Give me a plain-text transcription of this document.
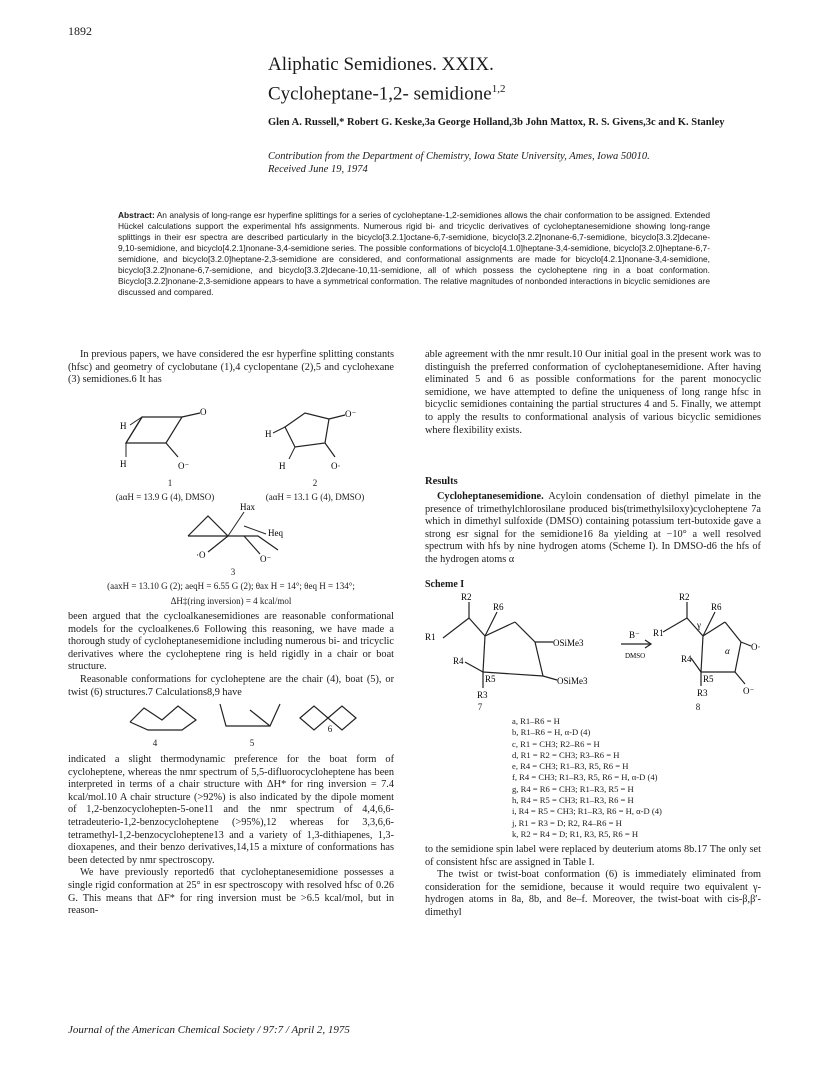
1892
Aliphatic Semidiones. XXIX.
Cycloheptane-1,2- semidione$^{1,2}$
Glen A. Russell,* Robert G. Keske,3a George Holland,3b John Mattox, R. S. Givens,3c and K. Stanley
Contribution from the Department of Chemistry, Iowa State University, Ames, Iowa 50010.
Received June 19, 1974
Abstract: An analysis of long-range esr hyperfine splittings for a series of cycloheptane-1,2-semidiones allows the chair conformation to be assigned. Extended Hückel calculations support the experimental hfs assignments. Numerous rigid bi- and tricyclic derivatives of cycloheptanesemidione showing long-range splittings in their esr spectra are described particularly in the bicyclo[3.2.1]octane-6,7-semidione, bicyclo[3.2.2]nonane-6,7-semidione, bicyclo[3.3.2]decane-9,10-semidione, and bicyclo[4.2.1]nonane-3,4-semidione series. The possible conformations of bicyclo[4.1.0]heptane-3,4-semidione, bicyclo[3.2.0]heptane-6,7-semidione, and bicyclo[3.2.0]heptane-2,3-semidione are considered, and conformational assignments are made for bicyclo[4.2.1]nonane-3,4-semidione, bicyclo[3.2.2]nonane-6,7-semidione, and bicyclo[3.3.2]decane-10,11-semidione, all of which possess the cycloheptene ring in a boat conformation. Bicyclo[3.2.2]nonane-2,3-semidione appears to have a symmetrical conformation. The relative magnitudes of nonbonded interactions in bicyclic semidiones are discussed and compared.

In previous papers, we have considered the esr hyperfine splitting constants (hfsc) and geometry of cyclobutane (1),4 cyclopentane (2),5 and cyclohexane (3) semidiones.6 It has

H
H
O
O⁻
1
(aαH = 13.9 G (4), DMSO)
H
H
O⁻
O·
2
(aαH = 13.1 G (4), DMSO)
Hax
Heq
·O	O⁻
3
(aaxH = 13.10 G (2); aeqH = 6.55 G (2); θax H = 14°; θeq H = 134°;
ΔH‡(ring inversion) = 4 kcal/mol

been argued that the cycloalkanesemidiones are reasonable conformational models for the cycloalkenes.6 Following this reasoning, we have made a thorough study of cycloheptanesemidione including numerous bi- and tricyclic derivatives where the cycloheptene ring is held rigidly in a chair or boat structure.

Reasonable conformations for cycloheptene are the chair (4), boat (5), or twist (6) structures.7 Calculations8,9 have

4	5
6

indicated a slight thermodynamic preference for the boat form of cycloheptene, whereas the nmr spectrum of 5,5-difluorocycloheptene has been interpreted in terms of a chair structure with ΔH* for ring inversion = 7.4 kcal/mol.10 A chair structure (>92%) is also indicated by the dipole moment of 1,2-benzocyclohepten-5-one11 and the nmr spectrum of 4,4,6,6-tetradeuterio-1,2-benzocycloheptene (>95%),12 whereas for 3,3,6,6-tetramethyl-1,2-benzocycloheptene13 and a variety of 1,3-dithiapenes, 1,3-dioxapenes, and their benzo derivatives,14,15 a mixture of conformations has been detected by nmr spectroscopy.

We have previously reported6 that cycloheptanesemidione possesses a single rigid conformation at 25° in esr spectroscopy with resolved hfsc of 0.26 G. This means that ΔF* for ring inversion must be >6.5 kcal/mol, but in reason-

able agreement with the nmr result.10 Our initial goal in the present work was to distinguish the preferred conformation of cycloheptanesemidione. After having eliminated 5 and 6 as possible conformations for the parent monocyclic semidione, we have attempted to define the uniqueness of long range hfsc in bicyclic semidiones containing the partial structures 4 and 5. Finally, we attempt to apply the results to conformational analysis of various bicyclic semidiones where flexibility exists.

Results

Cycloheptanesemidione. Acyloin condensation of diethyl pimelate in the presence of trimethylchlorosilane produced bis(trimethylsiloxy)cycloheptene 7a which in dimethyl sulfoxide (DMSO) containing potassium tert-butoxide gave a strong esr signal for the semidione16 8a yielding at −10° a well resolved spectrum with hfs by nine hydrogen atoms (Scheme I). In DMSO-d6 the hfs of the hydrogen atoms α

Scheme I
R1
R2
R6
R4
R5
R3
OSiMe3
OSiMe3
B⁻
DMSO
R1
R2
R6
R4
R5
R3
γ
α O·
O⁻
7	8
a, R1–R6 = H
b, R1–R6 = H, α-D (4)
c, R1 = CH3; R2–R6 = H
d, R1 = R2 = CH3; R3–R6 = H
e, R4 = CH3; R1–R3, R5, R6 = H
f, R4 = CH3; R1–R3, R5, R6 = H, α-D (4)
g, R4 = R6 = CH3; R1–R3, R5 = H
h, R4 = R5 = CH3; R1–R3, R6 = H
i, R4 = R5 = CH3; R1–R3, R6 = H, α-D (4)
j, R1 = R3 = D; R2, R4–R6 = H
k, R2 = R4 = D; R1, R3, R5, R6 = H

to the semidione spin label were replaced by deuterium atoms 8b.17 The only set of consistent hfsc are assigned in Table I.

The twist or twist-boat conformation (6) is immediately eliminated from consideration for the semidione, because it would require two equivalent γ-hydrogen atoms in 8a, 8b, and 8e–f. Moreover, the twist-boat with cis-β,β′-dimethyl

Journal of the American Chemical Society / 97:7 / April 2, 1975
